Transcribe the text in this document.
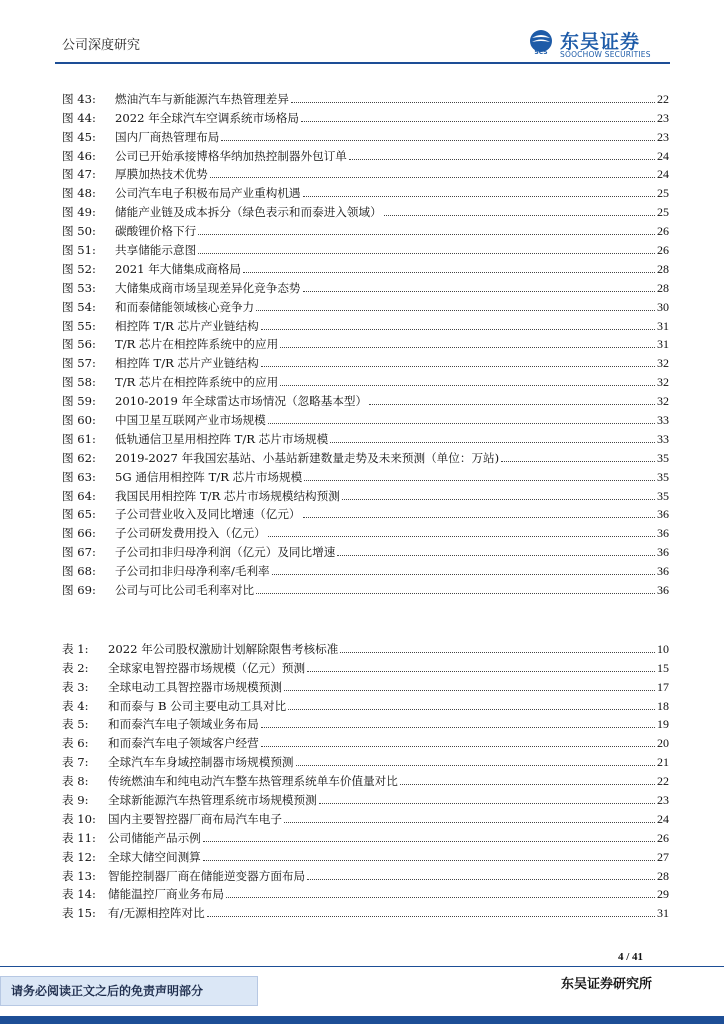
公司深度研究	SCS 东吴证券
SOOCHOW SECURITIES
图 43:	燃油汽车与新能源汽车热管理差异	22
图 44:	2022 年全球汽车空调系统市场格局	23
图 45:	国内厂商热管理布局	23
图 46:	公司已开始承接博格华纳加热控制器外包订单	24
图 47:	厚膜加热技术优势	24
图 48:	公司汽车电子积极布局产业重构机遇	25
图 49:	储能产业链及成本拆分（绿色表示和而泰进入领域）	25
图 50:	碳酸锂价格下行	26
图 51:	共享储能示意图	26
图 52:	2021 年大储集成商格局	28
图 53:	大储集成商市场呈现差异化竞争态势	28
图 54:	和而泰储能领域核心竞争力	30
图 55:	相控阵 T/R 芯片产业链结构	31
图 56:	T/R 芯片在相控阵系统中的应用	31
图 57:	相控阵 T/R 芯片产业链结构	32
图 58:	T/R 芯片在相控阵系统中的应用	32
图 59:	2010-2019 年全球雷达市场情况（忽略基本型）	32
图 60:	中国卫星互联网产业市场规模	33
图 61:	低轨通信卫星用相控阵 T/R 芯片市场规模	33
图 62:	2019-2027 年我国宏基站、小基站新建数量走势及未来预测（单位：万站)	35
图 63:	5G 通信用相控阵 T/R 芯片市场规模	35
图 64:	我国民用相控阵 T/R 芯片市场规模结构预测	35
图 65:	子公司营业收入及同比增速（亿元）	36
图 66:	子公司研发费用投入（亿元）	36
图 67:	子公司扣非归母净利润（亿元）及同比增速	36
图 68:	子公司扣非归母净利率/毛利率	36
图 69:	公司与可比公司毛利率对比	36
表 1:	2022 年公司股权激励计划解除限售考核标准	10
表 2:	全球家电智控器市场规模（亿元）预测	15
表 3:	全球电动工具智控器市场规模预测	17
表 4:	和而泰与 B 公司主要电动工具对比	18
表 5:	和而泰汽车电子领域业务布局	19
表 6:	和而泰汽车电子领域客户经营	20
表 7:	全球汽车车身域控制器市场规模预测	21
表 8:	传统燃油车和纯电动汽车整车热管理系统单车价值量对比	22
表 9:	全球新能源汽车热管理系统市场规模预测	23
表 10:	国内主要智控器厂商布局汽车电子	24
表 11:	公司储能产品示例	26
表 12:	全球大储空间测算	27
表 13:	智能控制器厂商在储能逆变器方面布局	28
表 14:	储能温控厂商业务布局	29
表 15:	有/无源相控阵对比	31
4 / 41
请务必阅读正文之后的免责声明部分	东吴证券研究所
